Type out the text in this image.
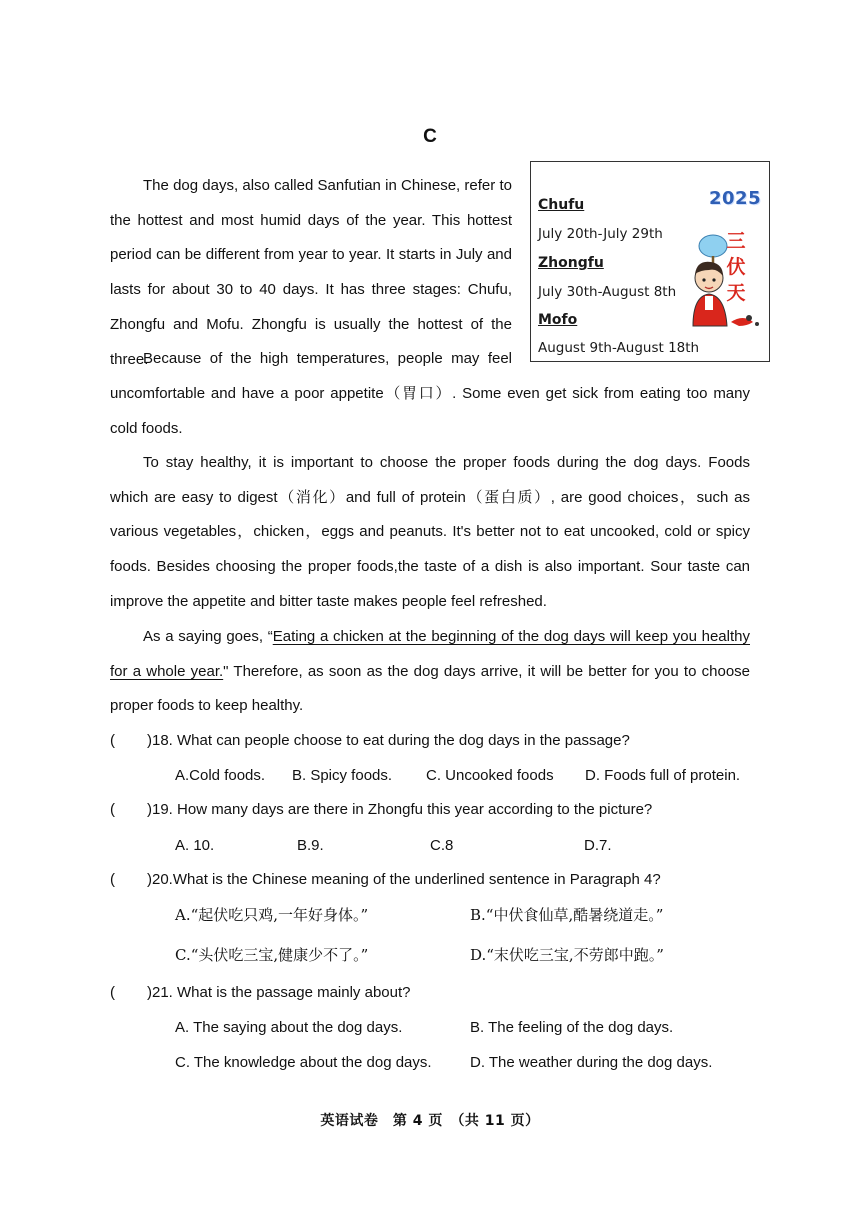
C
The dog days, also called Sanfutian in Chinese, refer to the hottest and most humid days of the year. This hottest period can be different from year to year. It starts in July and lasts for about 30 to 40 days. It has three stages: Chufu, Zhongfu and Mofu. Zhongfu is usually the hottest of the three.
Because of the high temperatures, people may feel
uncomfortable and have a poor appetite（胃口）. Some even get sick from eating too many cold foods.
To stay healthy, it is important to choose the proper foods during the dog days. Foods which are easy to digest（消化）and full of protein（蛋白质）, are good choices，such as various vegetables，chicken，eggs and peanuts. It's better not to eat uncooked, cold or spicy foods. Besides choosing the proper foods,the taste of a dish is also important. Sour taste can improve the appetite and bitter taste makes people feel refreshed.
As a saying goes, “Eating a chicken at the beginning of the dog days will keep you healthy for a whole year." Therefore, as soon as the dog days arrive, it will be better for you to choose proper foods to keep healthy.
Chufu
July 20th-July 29th
Zhongfu
July 30th-August 8th
Mofo
August 9th-August 18th
2025
三
伏
天
( )18. What can people choose to eat during the dog days in the passage?
A.Cold foods. B. Spicy foods. C. Uncooked foods D. Foods full of protein.
( )19. How many days are there in Zhongfu this year according to the picture?
A. 10.	B.9.	C.8	D.7.
( )20.What is the Chinese meaning of the underlined sentence in Paragraph 4?
A.“起伏吃只鸡,一年好身体。”	B.“中伏食仙草,酷暑绕道走。”
C.“头伏吃三宝,健康少不了。”	D.“末伏吃三宝,不劳郎中跑。”
( )21. What is the passage mainly about?
A. The saying about the dog days.	B. The feeling of the dog days.
C. The knowledge about the dog days.	D. The weather during the dog days.
英语试卷　第 4 页　（共 11 页）
